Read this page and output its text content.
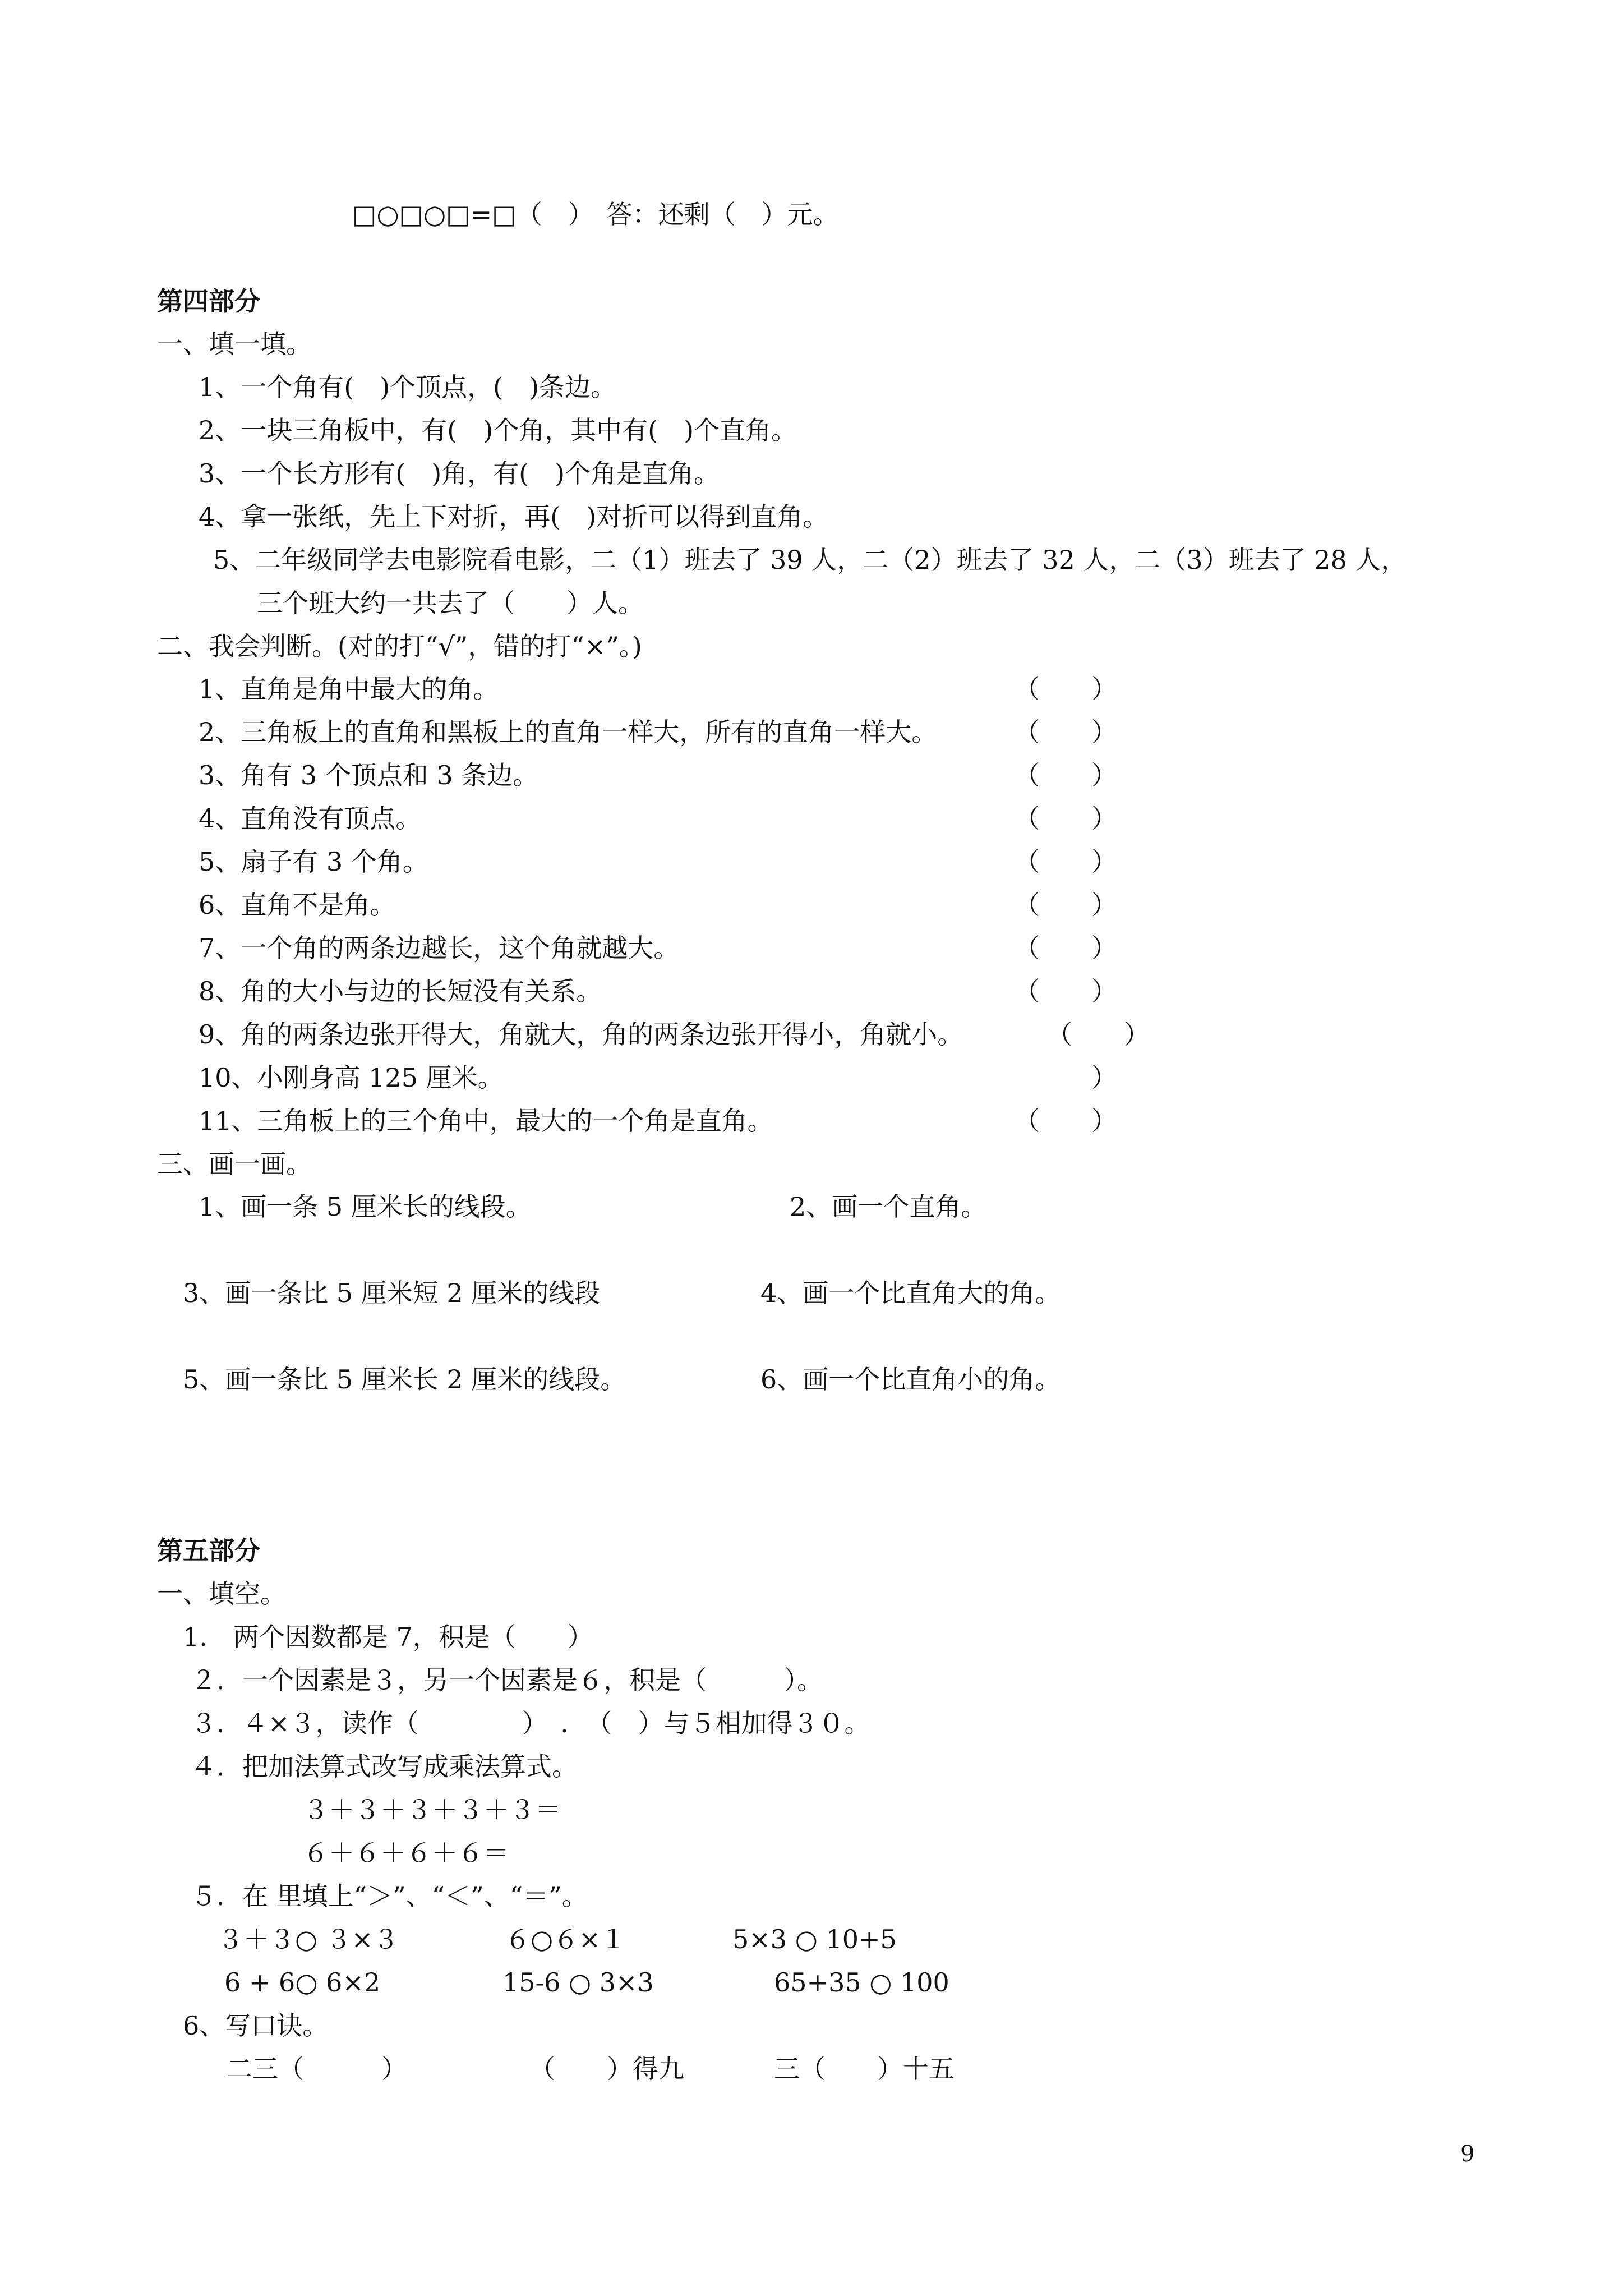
□○□○□=□（　）　答：还剩（　）元。
第四部分
一、填一填。
1、一个角有(　)个顶点，(　)条边。
2、一块三角板中，有(　)个角，其中有(　)个直角。
3、一个长方形有(　)角，有(　)个角是直角。
4、拿一张纸，先上下对折，再(　)对折可以得到直角。
5、二年级同学去电影院看电影，二（1）班去了 39 人，二（2）班去了 32 人，二（3）班去了 28 人，
三个班大约一共去了（　　）人。
二、我会判断。(对的打“√”，错的打“×”。)
1、直角是角中最大的角。	（　　）
2、三角板上的直角和黑板上的直角一样大，所有的直角一样大。	（　　）
3、角有 3 个顶点和 3 条边。	（　　）
4、直角没有顶点。	（　　）
5、扇子有 3 个角。	（　　）
6、直角不是角。	（　　）
7、一个角的两条边越长，这个角就越大。	（　　）
8、角的大小与边的长短没有关系。	（　　）
9、角的两条边张开得大，角就大，角的两条边张开得小，角就小。	（　　）
10、小刚身高 125 厘米。	　　）
11、三角板上的三个角中，最大的一个角是直角。	（　　）
三、画一画。
1、画一条 5 厘米长的线段。	2、画一个直角。
3、画一条比 5 厘米短 2 厘米的线段	4、画一个比直角大的角。
5、画一条比 5 厘米长 2 厘米的线段。	6、画一个比直角小的角。
第五部分
一、填空。
1.　两个因数都是 7，积是（　　）
２．一个因素是３，另一个因素是６，积是（　　　）。
３．４×３，读作（　　　　）　．　（　）与５相加得３０。
４．把加法算式改写成乘法算式。
３＋３＋３＋３＋３＝
６＋６＋６＋６＝
５．在 里填上“＞”、“＜”、“＝”。
３＋３○ ３×３	６○６×１	5×3 ○ 10+5
6 + 6○ 6×2	15-6 ○ 3×3	65+35 ○ 100
6、写口诀。
二三（　　　）	（　　）得九	三（　　）十五
9
